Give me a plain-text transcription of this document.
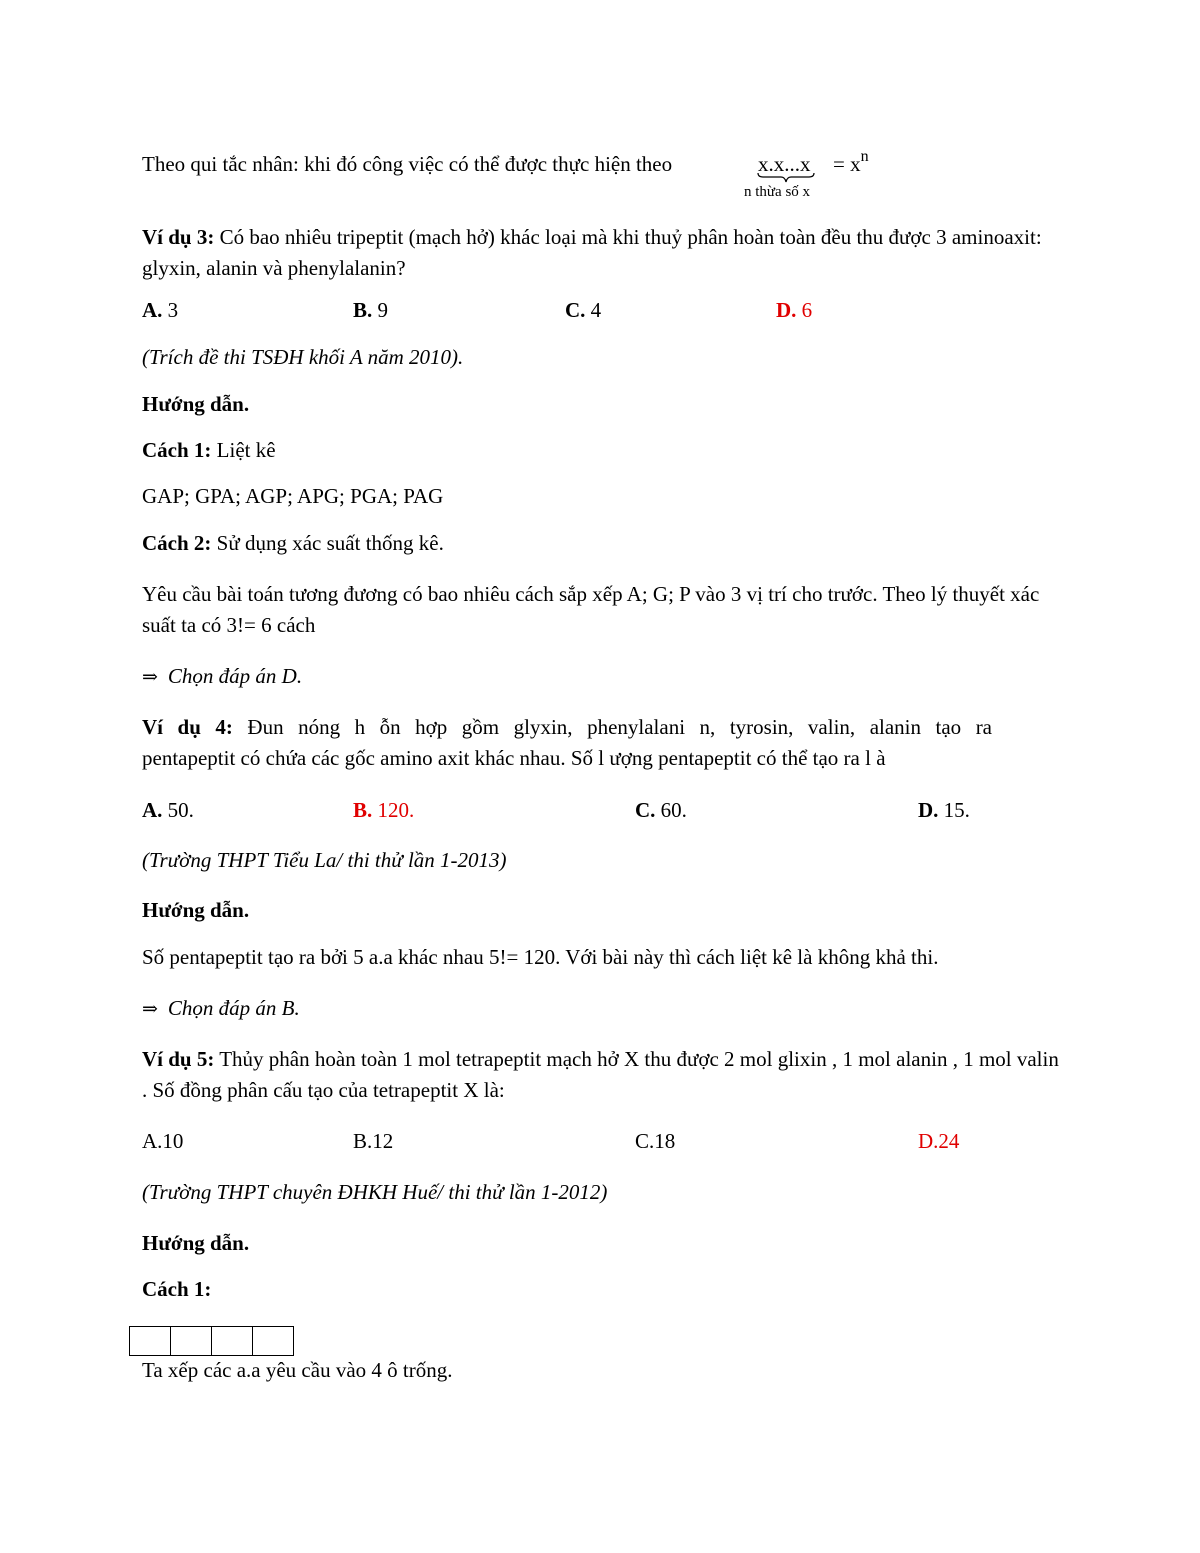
Theo qui tắc nhân: khi đó công việc có thể được thực hiện theo	x.x...x
n thừa số x
= $x^n$
Ví dụ 3: Có bao nhiêu tripeptit (mạch hở) khác loại mà khi thuỷ phân hoàn toàn đều thu được 3 aminoaxit: glyxin, alanin và phenylalanin?
A. 3	B. 9	C. 4	D. 6
(Trích đề thi TSĐH khối A năm 2010).
Hướng dẫn.
Cách 1: Liệt kê
GAP; GPA; AGP; APG; PGA; PAG
Cách 2: Sử dụng xác suất thống kê.
Yêu cầu bài toán tương đương có bao nhiêu cách sắp xếp A; G; P vào 3 vị trí cho trước. Theo lý thuyết xác suất ta có 3!= 6 cách
⇒ Chọn đáp án D.
Ví dụ 4: Đun nóng h ỗn hợp gồm glyxin, phenylalani n, tyrosin, valin, alanin tạo ra
pentapeptit có chứa các gốc amino axit khác nhau. Số l ượng pentapeptit có thể tạo ra l à
A. 50.	B. 120.	C. 60.	D. 15.
(Trường THPT Tiểu La/ thi thử lần 1-2013)
Hướng dẫn.
Số pentapeptit tạo ra bởi 5 a.a khác nhau 5!= 120. Với bài này thì cách liệt kê là không khả thi.
⇒ Chọn đáp án B.
Ví dụ 5: Thủy phân hoàn toàn 1 mol tetrapeptit mạch hở X thu được 2 mol glixin , 1 mol alanin , 1 mol valin . Số đồng phân cấu tạo của tetrapeptit X là:
A.10	B.12	C.18	D.24
(Trường THPT chuyên ĐHKH Huế/ thi thử lần 1-2012)
Hướng dẫn.
Cách 1:
Ta xếp các a.a yêu cầu vào 4 ô trống.
